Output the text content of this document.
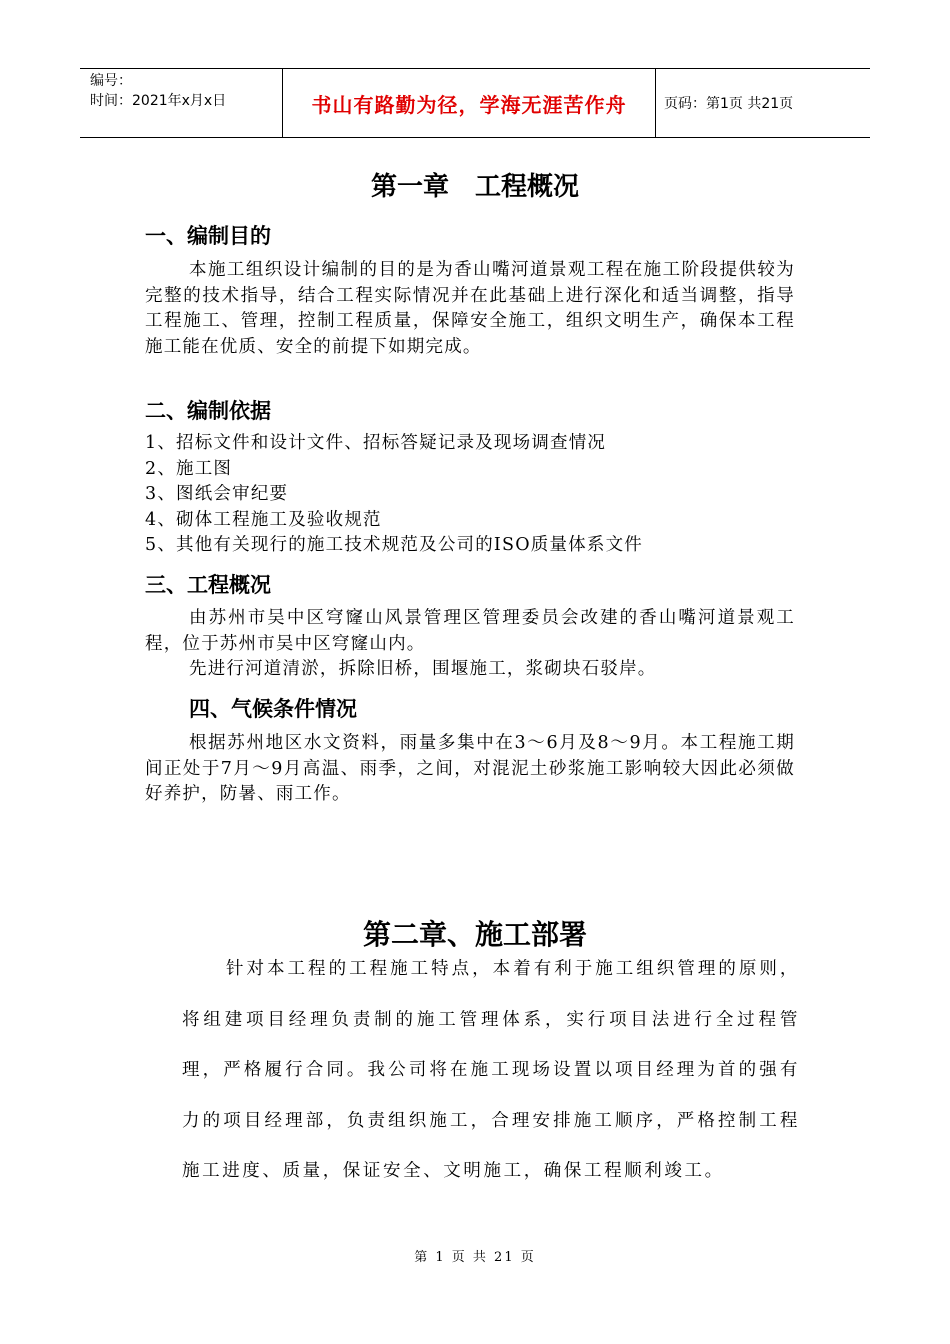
编号：
时间：2021年x月x日	书山有路勤为径，学海无涯苦作舟	页码：第1页 共21页
第一章　工程概况
一、编制目的
本施工组织设计编制的目的是为香山嘴河道景观工程在施工阶段提供较为完整的技术指导，结合工程实际情况并在此基础上进行深化和适当调整，指导工程施工、管理，控制工程质量，保障安全施工，组织文明生产，确保本工程施工能在优质、安全的前提下如期完成。
二、编制依据
1、招标文件和设计文件、招标答疑记录及现场调查情况
2、施工图
3、图纸会审纪要
4、砌体工程施工及验收规范
5、其他有关现行的施工技术规范及公司的ISO质量体系文件
三、工程概况
由苏州市吴中区穹窿山风景管理区管理委员会改建的香山嘴河道景观工程，位于苏州市吴中区穹窿山内。
先进行河道清淤，拆除旧桥，围堰施工，浆砌块石驳岸。
四、气候条件情况
根据苏州地区水文资料，雨量多集中在3～6月及8～9月。本工程施工期间正处于7月～9月高温、雨季，之间，对混泥土砂浆施工影响较大因此必须做好养护，防暑、雨工作。
第二章、施工部署
针对本工程的工程施工特点，本着有利于施工组织管理的原则，将组建项目经理负责制的施工管理体系，实行项目法进行全过程管理，严格履行合同。我公司将在施工现场设置以项目经理为首的强有力的项目经理部，负责组织施工，合理安排施工顺序，严格控制工程施工进度、质量，保证安全、文明施工，确保工程顺利竣工。
第 1 页 共 21 页
